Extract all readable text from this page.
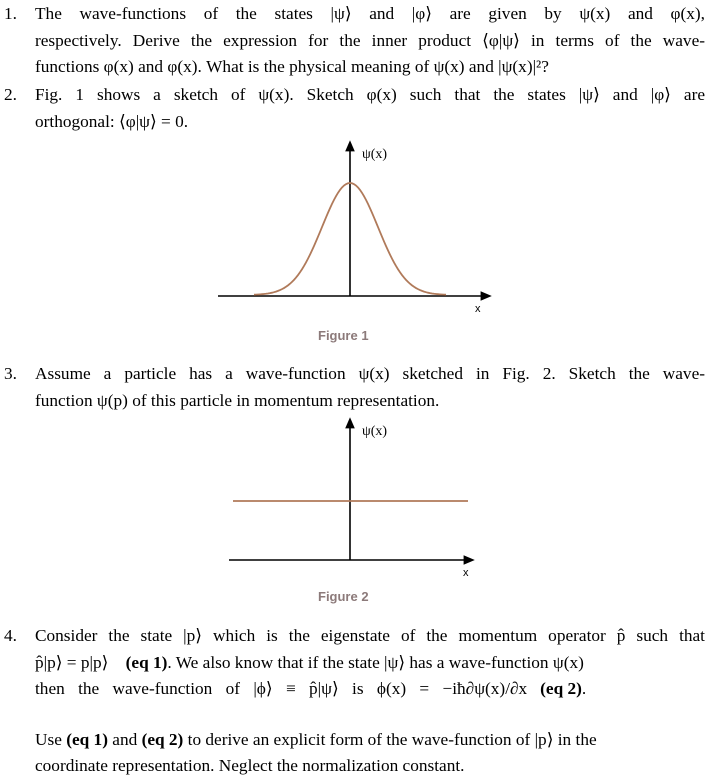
1. The wave-functions of the states |ψ⟩ and |φ⟩ are given by ψ(x) and φ(x),
respectively. Derive the expression for the inner product ⟨φ|ψ⟩ in terms of the wave-
functions φ(x) and φ(x). What is the physical meaning of ψ(x) and |ψ(x)|²?
2. Fig. 1 shows a sketch of ψ(x). Sketch φ(x) such that the states |ψ⟩ and |φ⟩ are
orthogonal: ⟨φ|ψ⟩ = 0.
ψ(x)
x
Figure 1
3. Assume a particle has a wave-function ψ(x) sketched in Fig. 2. Sketch the wave-
function ψ(p) of this particle in momentum representation.
ψ(x)
x
Figure 2
4. Consider the state |p⟩ which is the eigenstate of the momentum operator p̂ such that
p̂|p⟩ = p|p⟩ (eq 1). We also know that if the state |ψ⟩ has a wave-function ψ(x)
then the wave-function of |ϕ⟩ ≡ p̂|ψ⟩ is ϕ(x) = −iħ∂ψ(x)/∂x (eq 2).
Use (eq 1) and (eq 2) to derive an explicit form of the wave-function of |p⟩ in the
coordinate representation. Neglect the normalization constant.
